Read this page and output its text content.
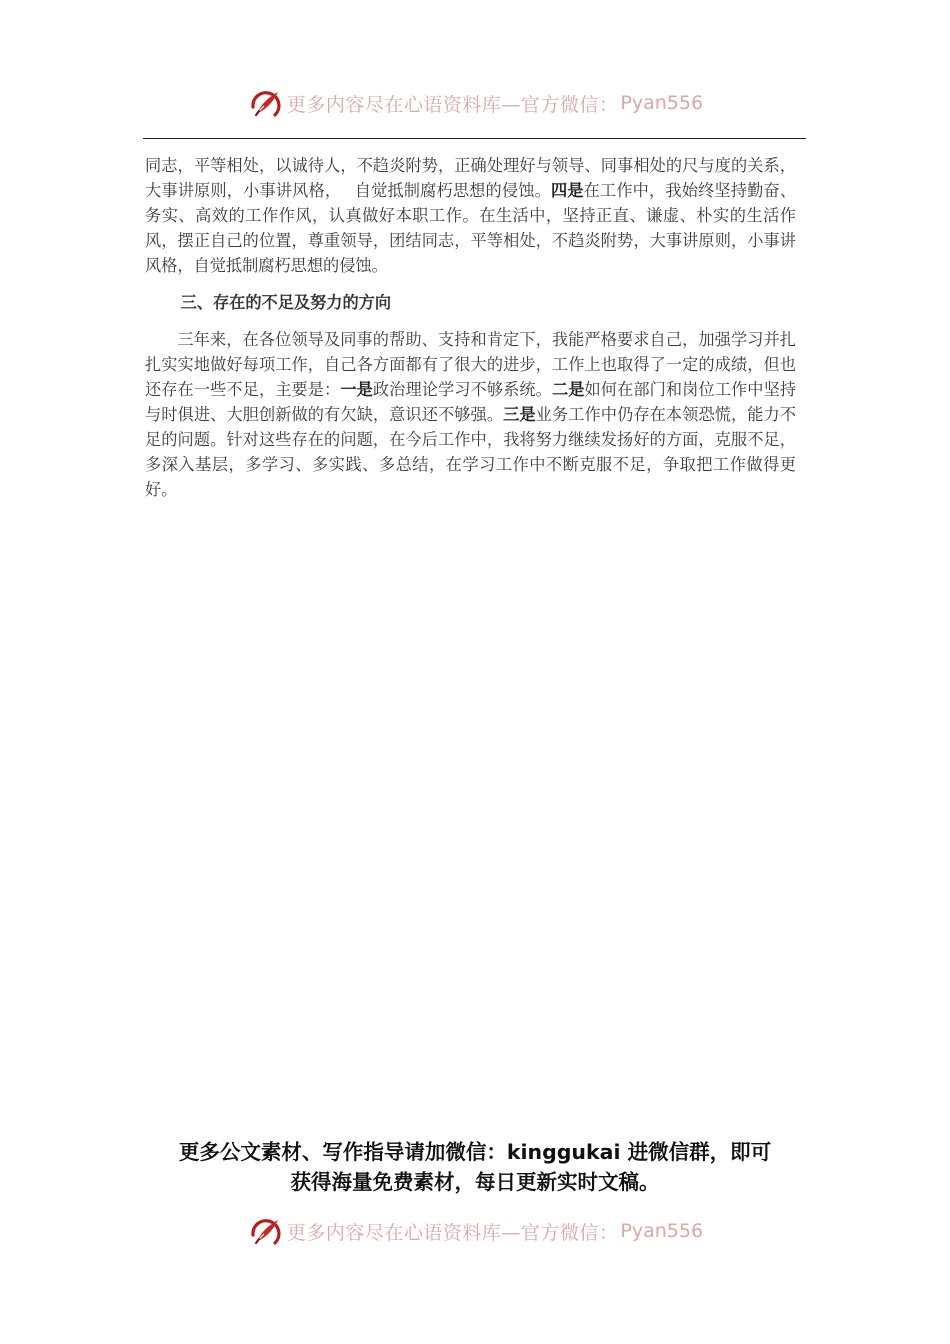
更多内容尽在心语资料库—官方微信： Pyan556

同志，平等相处，以诚待人，不趋炎附势，正确处理好与领导、同事相处的尺与度的关系，大事讲原则，小事讲风格，　 自觉抵制腐朽思想的侵蚀。四是在工作中，我始终坚持勤奋、务实、高效的工作作风，认真做好本职工作。在生活中，坚持正直、谦虚、朴实的生活作风，摆正自己的位置，尊重领导，团结同志，平等相处，不趋炎附势，大事讲原则，小事讲风格，自觉抵制腐朽思想的侵蚀。

三、存在的不足及努力的方向

三年来，在各位领导及同事的帮助、支持和肯定下，我能严格要求自己，加强学习并扎扎实实地做好每项工作，自己各方面都有了很大的进步，工作上也取得了一定的成绩，但也还存在一些不足，主要是：一是政治理论学习不够系统。二是如何在部门和岗位工作中坚持与时俱进、大胆创新做的有欠缺，意识还不够强。三是业务工作中仍存在本领恐慌，能力不足的问题。针对这些存在的问题，在今后工作中，我将努力继续发扬好的方面，克服不足，多深入基层，多学习、多实践、多总结，在学习工作中不断克服不足，争取把工作做得更好。

更多公文素材、写作指导请加微信：kinggukai 进微信群，即可
获得海量免费素材，每日更新实时文稿。
更多内容尽在心语资料库—官方微信： Pyan556
